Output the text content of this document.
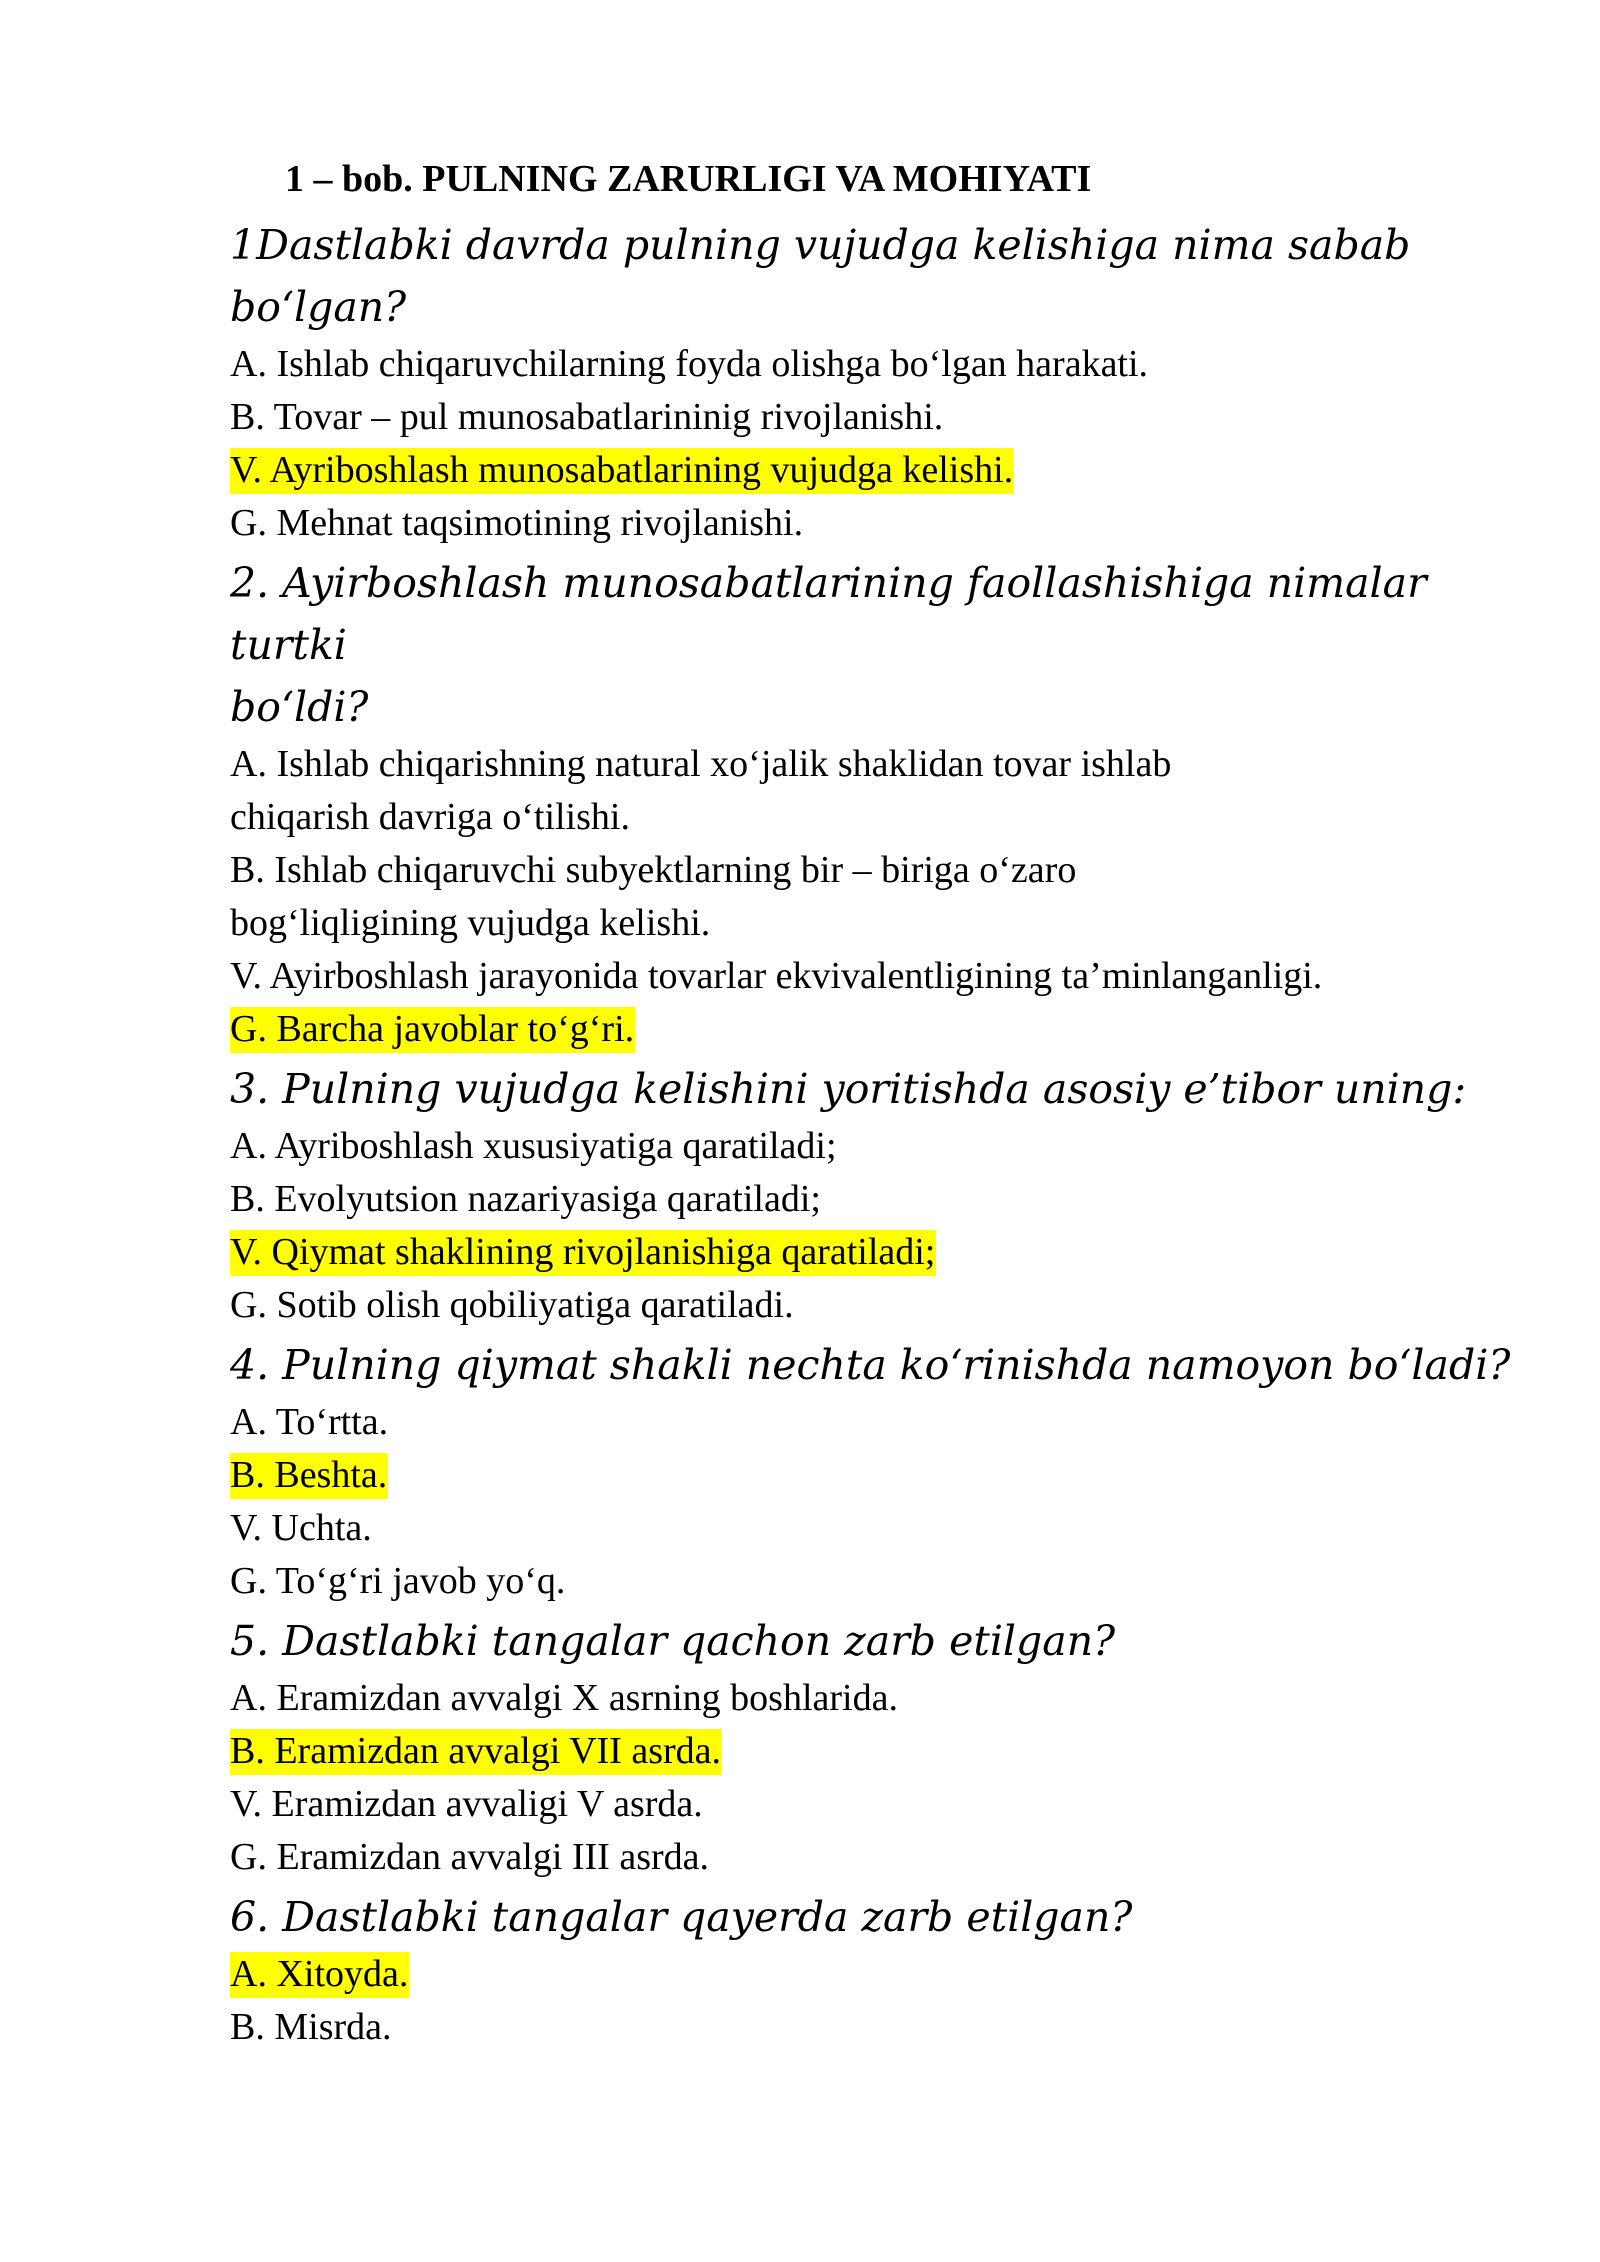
1 – bob. PULNING ZARURLIGI VA MOHIYATI

1Dastlabki davrda pulning vujudga kelishiga nima sabab
bo‘lgan?

A. Ishlab chiqaruvchilarning foyda olishga bo‘lgan harakati.
B. Tovar – pul munosabatlarininig rivojlanishi.
V. Ayriboshlash munosabatlarining vujudga kelishi.
G. Mehnat taqsimotining rivojlanishi.

2. Ayirboshlash munosabatlarining faollashishiga nimalar
turtki
bo‘ldi?

A. Ishlab chiqarishning natural xo‘jalik shaklidan tovar ishlab
chiqarish davriga o‘tilishi.
B. Ishlab chiqaruvchi subyektlarning bir – biriga o‘zaro
bog‘liqligining vujudga kelishi.
V. Ayirboshlash jarayonida tovarlar ekvivalentligining ta’minlanganligi.
G. Barcha javoblar to‘g‘ri.

3. Pulning vujudga kelishini yoritishda asosiy e’tibor uning:

A. Ayriboshlash xususiyatiga qaratiladi;
B. Evolyutsion nazariyasiga qaratiladi;
V. Qiymat shaklining rivojlanishiga qaratiladi;
G. Sotib olish qobiliyatiga qaratiladi.

4. Pulning qiymat shakli nechta ko‘rinishda namoyon bo‘ladi?

A. To‘rtta.
B. Beshta.
V. Uchta.
G. To‘g‘ri javob yo‘q.

5. Dastlabki tangalar qachon zarb etilgan?

A. Eramizdan avvalgi X asrning boshlarida.
B. Eramizdan avvalgi VII asrda.
V. Eramizdan avvaligi V asrda.
G. Eramizdan avvalgi III asrda.

6. Dastlabki tangalar qayerda zarb etilgan?

A. Xitoyda.
B. Misrda.
